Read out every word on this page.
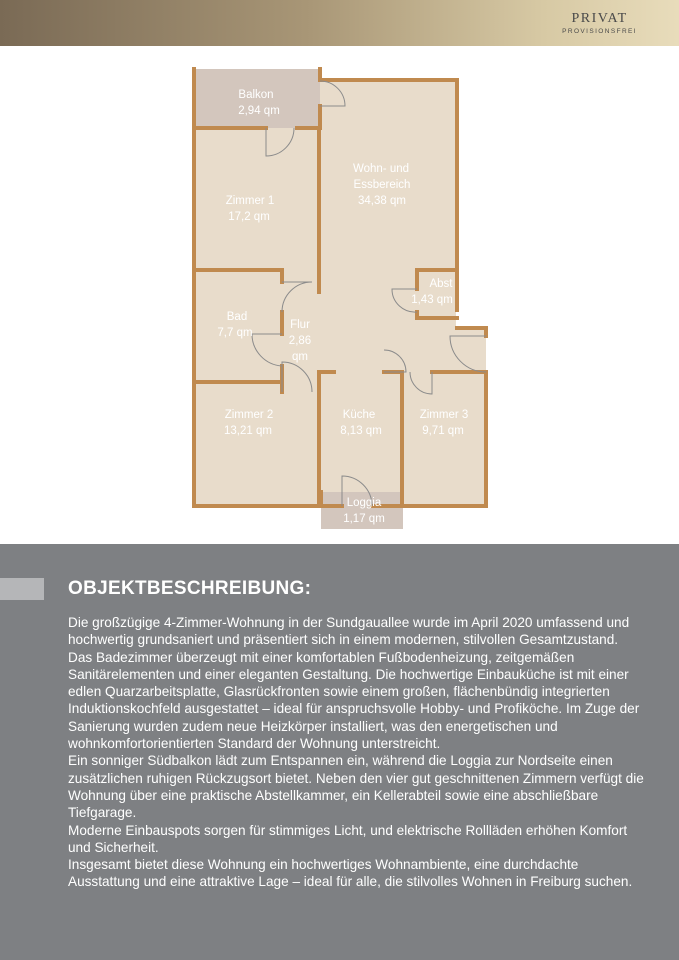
PRIVAT
PROVISIONSFREI
Balkon
2,94 qm
Wohn- und
Essbereich
34,38 qm
Zimmer 1
17,2 qm
Abst
1,43 qm
Bad
7,7 qm
Flur
2,86
qm
Zimmer 2
13,21 qm
Küche
8,13 qm
Zimmer 3
9,71 qm
Loggia
1,17 qm
OBJEKTBESCHREIBUNG:

Die großzügige 4-Zimmer-Wohnung in der Sundgauallee wurde im April 2020 umfassend und hochwertig grundsaniert und präsentiert sich in einem modernen, stilvollen Gesamtzustand.

Das Badezimmer überzeugt mit einer komfortablen Fußbodenheizung, zeitgemäßen Sanitärelementen und einer eleganten Gestaltung. Die hochwertige Einbauküche ist mit einer edlen Quarzarbeitsplatte, Glasrückfronten sowie einem großen, flächenbündig integrierten Induktionskochfeld ausgestattet – ideal für anspruchsvolle Hobby- und Profiköche. Im Zuge der Sanierung wurden zudem neue Heizkörper installiert, was den energetischen und wohnkomfortorientierten Standard der Wohnung unterstreicht.

Ein sonniger Südbalkon lädt zum Entspannen ein, während die Loggia zur Nordseite einen zusätzlichen ruhigen Rückzugsort bietet. Neben den vier gut geschnittenen Zimmern verfügt die Wohnung über eine praktische Abstellkammer, ein Kellerabteil sowie eine abschließbare Tiefgarage.

Moderne Einbauspots sorgen für stimmiges Licht, und elektrische Rollläden erhöhen Komfort und Sicherheit.

Insgesamt bietet diese Wohnung ein hochwertiges Wohnambiente, eine durchdachte Ausstattung und eine attraktive Lage – ideal für alle, die stilvolles Wohnen in Freiburg suchen.
